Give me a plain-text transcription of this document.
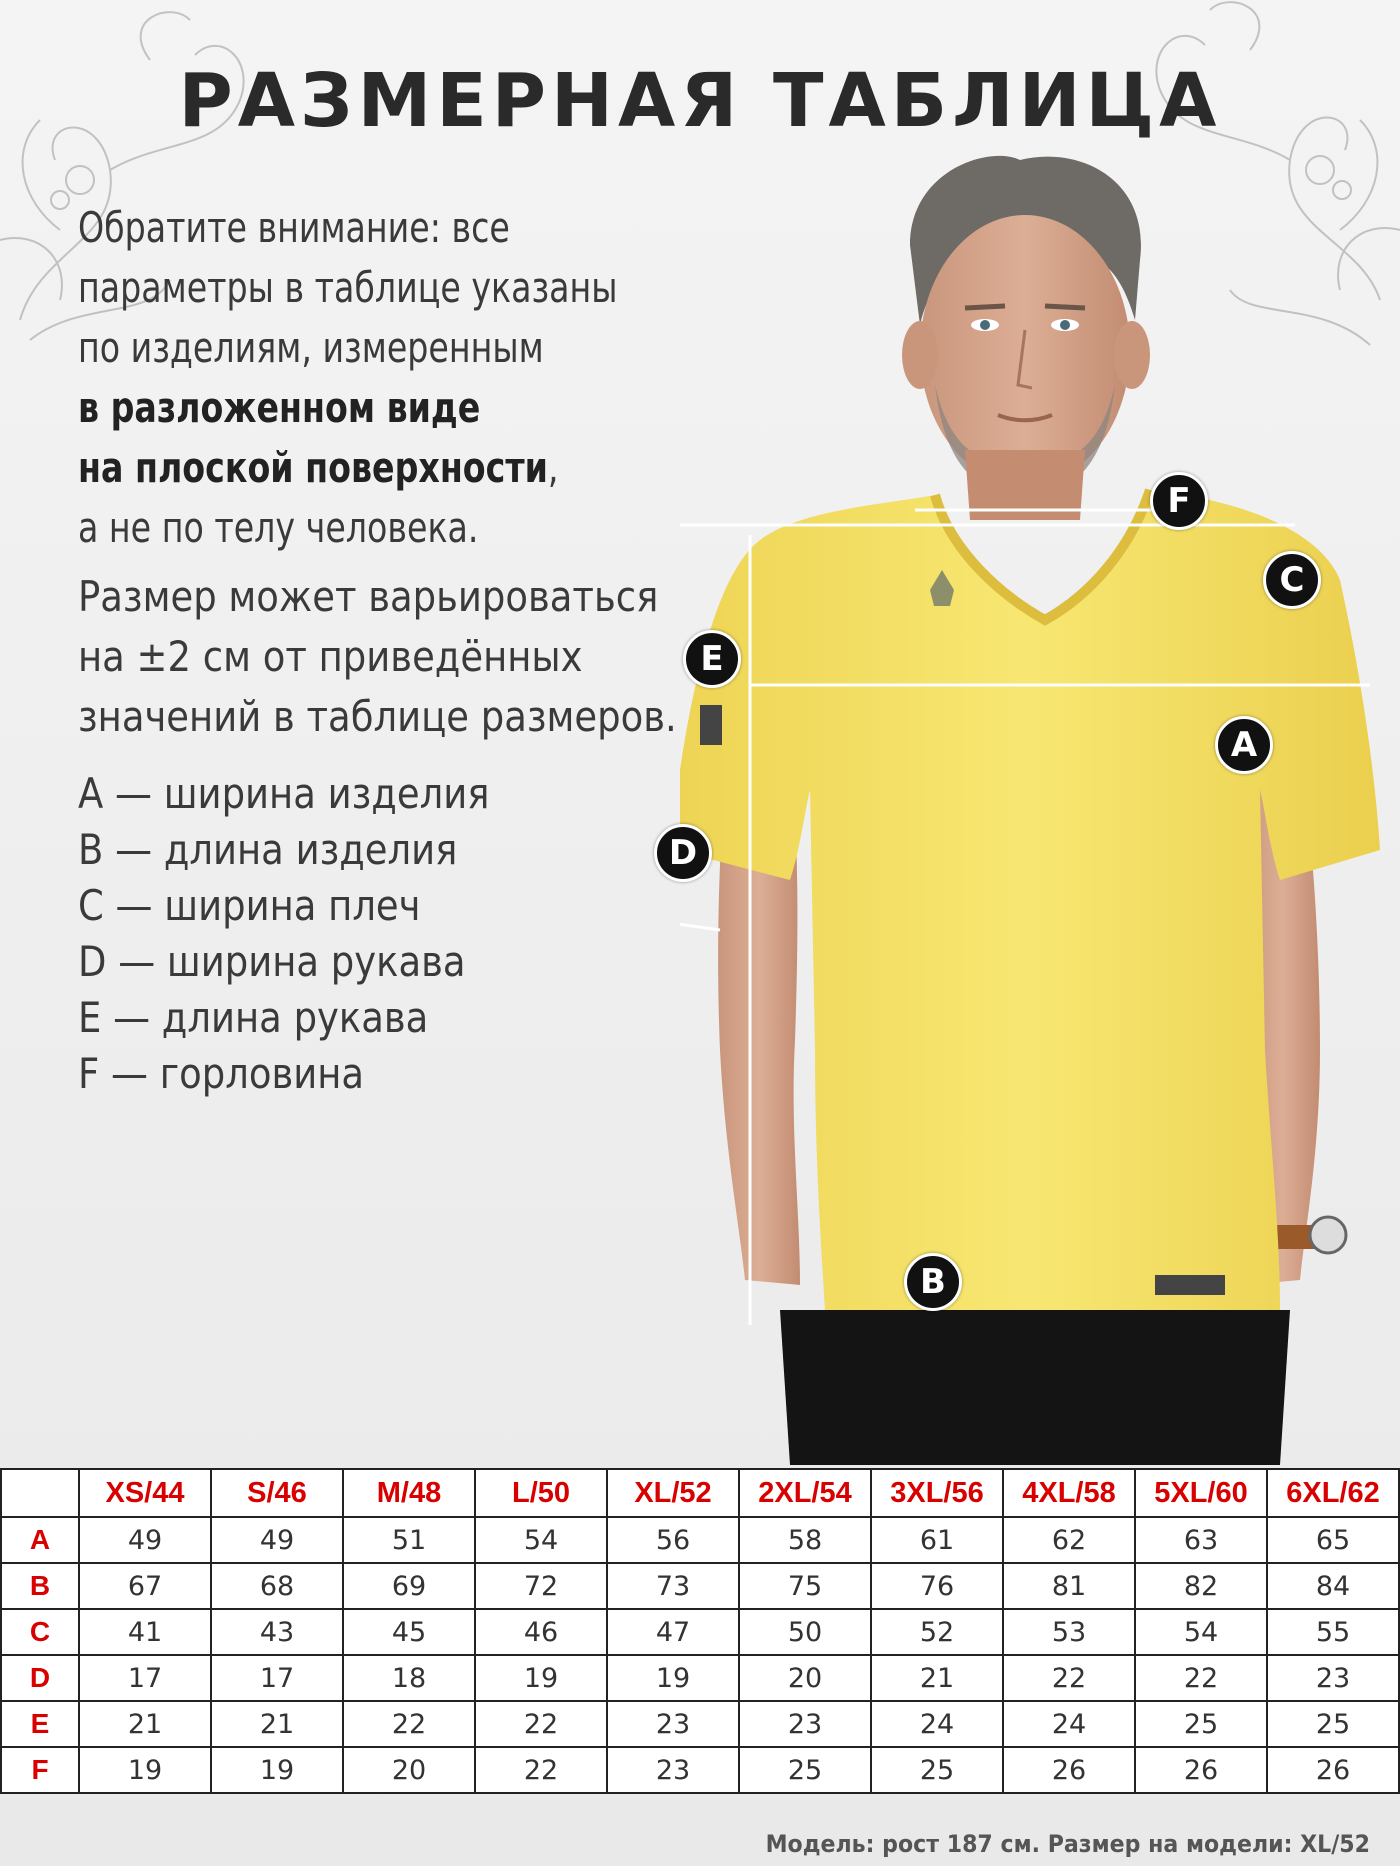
РАЗМЕРНАЯ ТАБЛИЦА
Обратите внимание: все
параметры в таблице указаны
по изделиям, измеренным
в разложенном виде
на плоской поверхности,
а не по телу человека.
Размер может варьироваться
на ±2 см от приведённых
значений в таблице размеров.
A — ширина изделия
B — длина изделия
C — ширина плеч
D — ширина рукава
E — длина рукава
F — горловина
F
C
E
A
D
B
	XS/44	S/46	M/48	L/50	XL/52	2XL/54	3XL/56	4XL/58	5XL/60	6XL/62
A	49	49	51	54	56	58	61	62	63	65
B	67	68	69	72	73	75	76	81	82	84
C	41	43	45	46	47	50	52	53	54	55
D	17	17	18	19	19	20	21	22	22	23
E	21	21	22	22	23	23	24	24	25	25
F	19	19	20	22	23	25	25	26	26	26
Модель: рост 187 см. Размер на модели: XL/52
